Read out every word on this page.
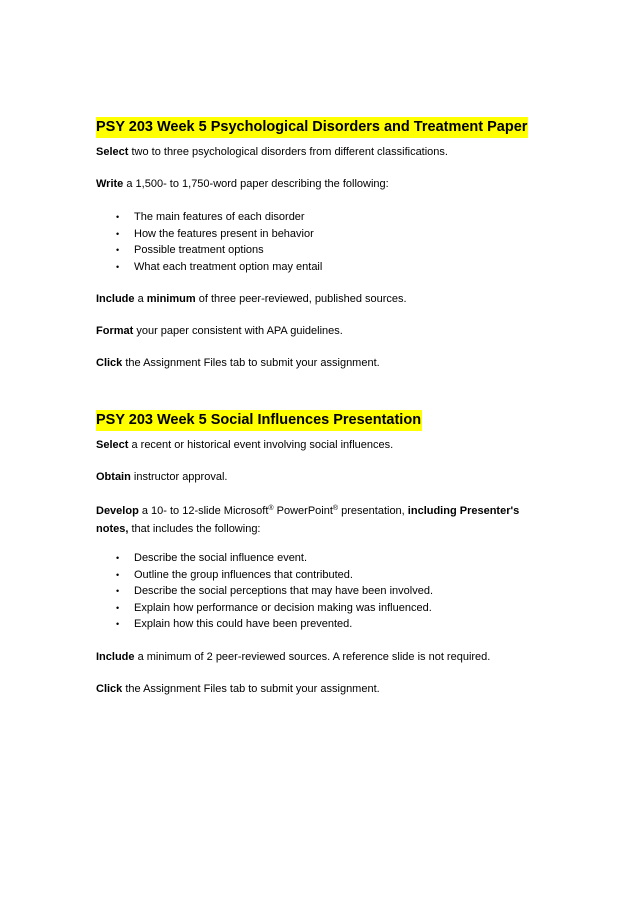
PSY 203 Week 5 Psychological Disorders and Treatment Paper

Select two to three psychological disorders from different classifications.

Write a 1,500- to 1,750-word paper describing the following:

• The main features of each disorder
• How the features present in behavior
• Possible treatment options
• What each treatment option may entail

Include a minimum of three peer-reviewed, published sources.

Format your paper consistent with APA guidelines.

Click the Assignment Files tab to submit your assignment.

PSY 203 Week 5 Social Influences Presentation

Select a recent or historical event involving social influences.

Obtain instructor approval.

Develop a 10- to 12-slide Microsoft® PowerPoint® presentation, including Presenter's notes, that includes the following:

• Describe the social influence event.
• Outline the group influences that contributed.
• Describe the social perceptions that may have been involved.
• Explain how performance or decision making was influenced.
• Explain how this could have been prevented.

Include a minimum of 2 peer-reviewed sources. A reference slide is not required.

Click the Assignment Files tab to submit your assignment.
